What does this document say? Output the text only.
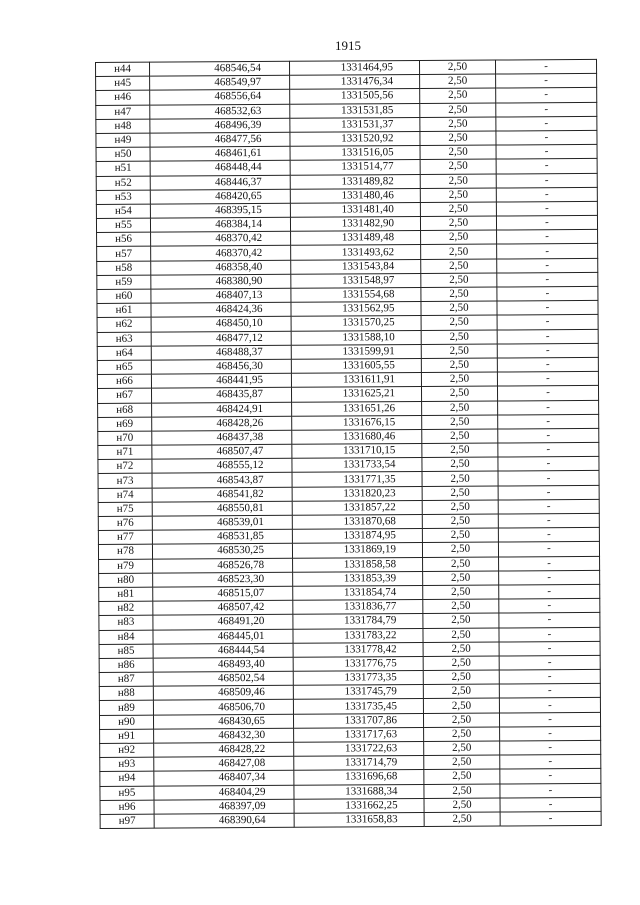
1915
н44	468546,54	1331464,95	2,50	-
н45	468549,97	1331476,34	2,50	-
н46	468556,64	1331505,56	2,50	-
н47	468532,63	1331531,85	2,50	-
н48	468496,39	1331531,37	2,50	-
н49	468477,56	1331520,92	2,50	-
н50	468461,61	1331516,05	2,50	-
н51	468448,44	1331514,77	2,50	-
н52	468446,37	1331489,82	2,50	-
н53	468420,65	1331480,46	2,50	-
н54	468395,15	1331481,40	2,50	-
н55	468384,14	1331482,90	2,50	-
н56	468370,42	1331489,48	2,50	-
н57	468370,42	1331493,62	2,50	-
н58	468358,40	1331543,84	2,50	-
н59	468380,90	1331548,97	2,50	-
н60	468407,13	1331554,68	2,50	-
н61	468424,36	1331562,95	2,50	-
н62	468450,10	1331570,25	2,50	-
н63	468477,12	1331588,10	2,50	-
н64	468488,37	1331599,91	2,50	-
н65	468456,30	1331605,55	2,50	-
н66	468441,95	1331611,91	2,50	-
н67	468435,87	1331625,21	2,50	-
н68	468424,91	1331651,26	2,50	-
н69	468428,26	1331676,15	2,50	-
н70	468437,38	1331680,46	2,50	-
н71	468507,47	1331710,15	2,50	-
н72	468555,12	1331733,54	2,50	-
н73	468543,87	1331771,35	2,50	-
н74	468541,82	1331820,23	2,50	-
н75	468550,81	1331857,22	2,50	-
н76	468539,01	1331870,68	2,50	-
н77	468531,85	1331874,95	2,50	-
н78	468530,25	1331869,19	2,50	-
н79	468526,78	1331858,58	2,50	-
н80	468523,30	1331853,39	2,50	-
н81	468515,07	1331854,74	2,50	-
н82	468507,42	1331836,77	2,50	-
н83	468491,20	1331784,79	2,50	-
н84	468445,01	1331783,22	2,50	-
н85	468444,54	1331778,42	2,50	-
н86	468493,40	1331776,75	2,50	-
н87	468502,54	1331773,35	2,50	-
н88	468509,46	1331745,79	2,50	-
н89	468506,70	1331735,45	2,50	-
н90	468430,65	1331707,86	2,50	-
н91	468432,30	1331717,63	2,50	-
н92	468428,22	1331722,63	2,50	-
н93	468427,08	1331714,79	2,50	-
н94	468407,34	1331696,68	2,50	-
н95	468404,29	1331688,34	2,50	-
н96	468397,09	1331662,25	2,50	-
н97	468390,64	1331658,83	2,50	-
